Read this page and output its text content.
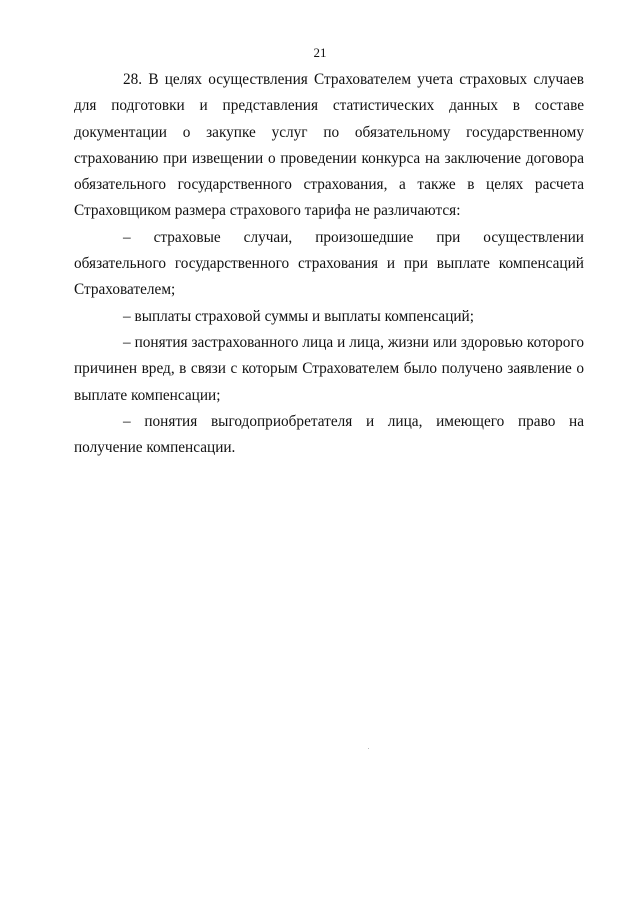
21

28. В целях осуществления Страхователем учета страховых случаев для подготовки и представления статистических данных в составе документации о закупке услуг по обязательному государственному страхованию при извещении о проведении конкурса на заключение договора обязательного государственного страхования, а также в целях расчета Страховщиком размера страхового тарифа не различаются:

– страховые случаи, произошедшие при осуществлении обязательного государственного страхования и при выплате компенсаций Страхователем;

– выплаты страховой суммы и выплаты компенсаций;

– понятия застрахованного лица и лица, жизни или здоровью которого причинен вред, в связи с которым Страхователем было получено заявление о выплате компенсации;

– понятия выгодоприобретателя и лица, имеющего право на получение компенсации.
